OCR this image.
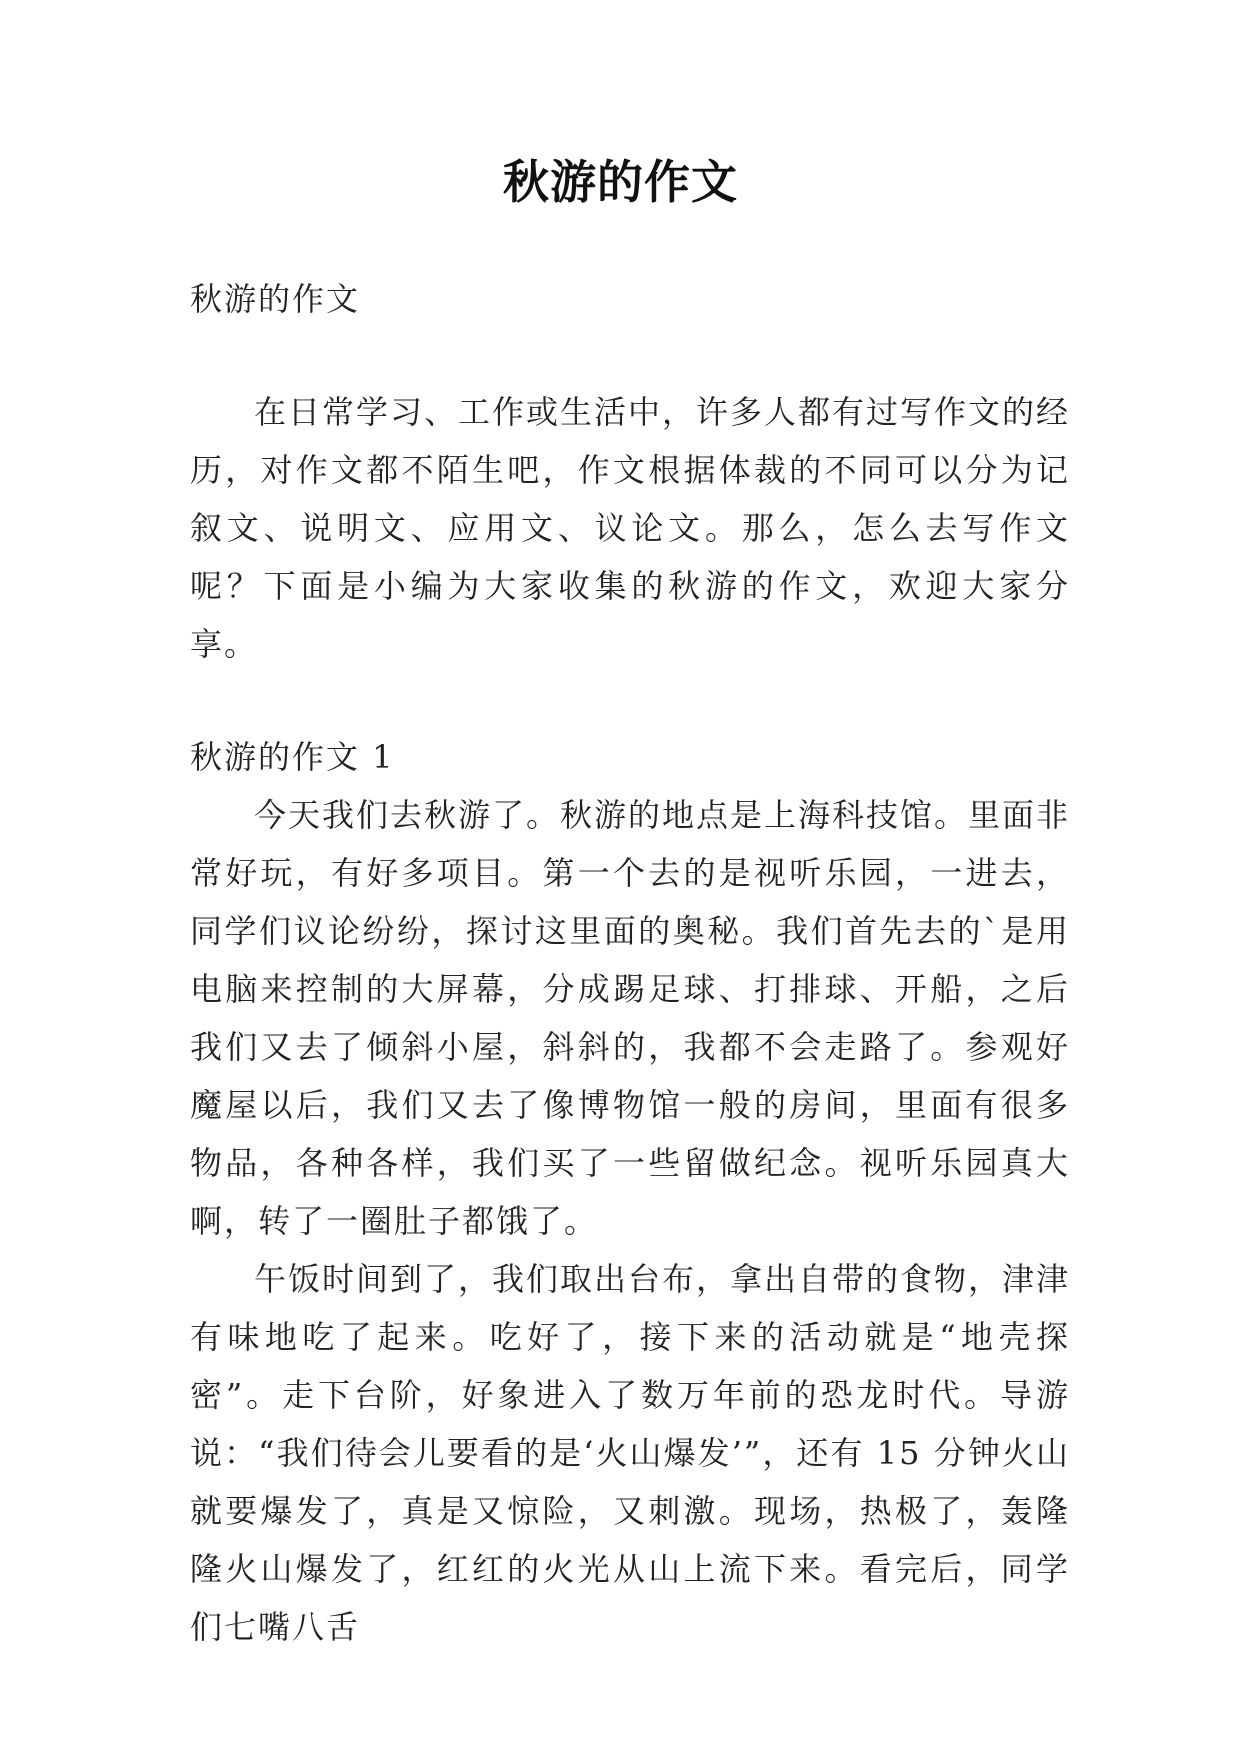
秋游的作文

秋游的作文

在日常学习、工作或生活中，许多人都有过写作文的经历，对作文都不陌生吧，作文根据体裁的不同可以分为记叙文、说明文、应用文、议论文。那么，怎么去写作文呢？下面是小编为大家收集的秋游的作文，欢迎大家分享。

秋游的作文 1

今天我们去秋游了。秋游的地点是上海科技馆。里面非常好玩，有好多项目。第一个去的是视听乐园，一进去，同学们议论纷纷，探讨这里面的奥秘。我们首先去的`是用电脑来控制的大屏幕，分成踢足球、打排球、开船，之后我们又去了倾斜小屋，斜斜的，我都不会走路了。参观好魔屋以后，我们又去了像博物馆一般的房间，里面有很多物品，各种各样，我们买了一些留做纪念。视听乐园真大啊，转了一圈肚子都饿了。

午饭时间到了，我们取出台布，拿出自带的食物，津津有味地吃了起来。吃好了，接下来的活动就是“地壳探密”。走下台阶，好象进入了数万年前的恐龙时代。导游说：“我们待会儿要看的是‘火山爆发’”，还有 15 分钟火山就要爆发了，真是又惊险，又刺激。现场，热极了，轰隆隆火山爆发了，红红的火光从山上流下来。看完后，同学们七嘴八舌
